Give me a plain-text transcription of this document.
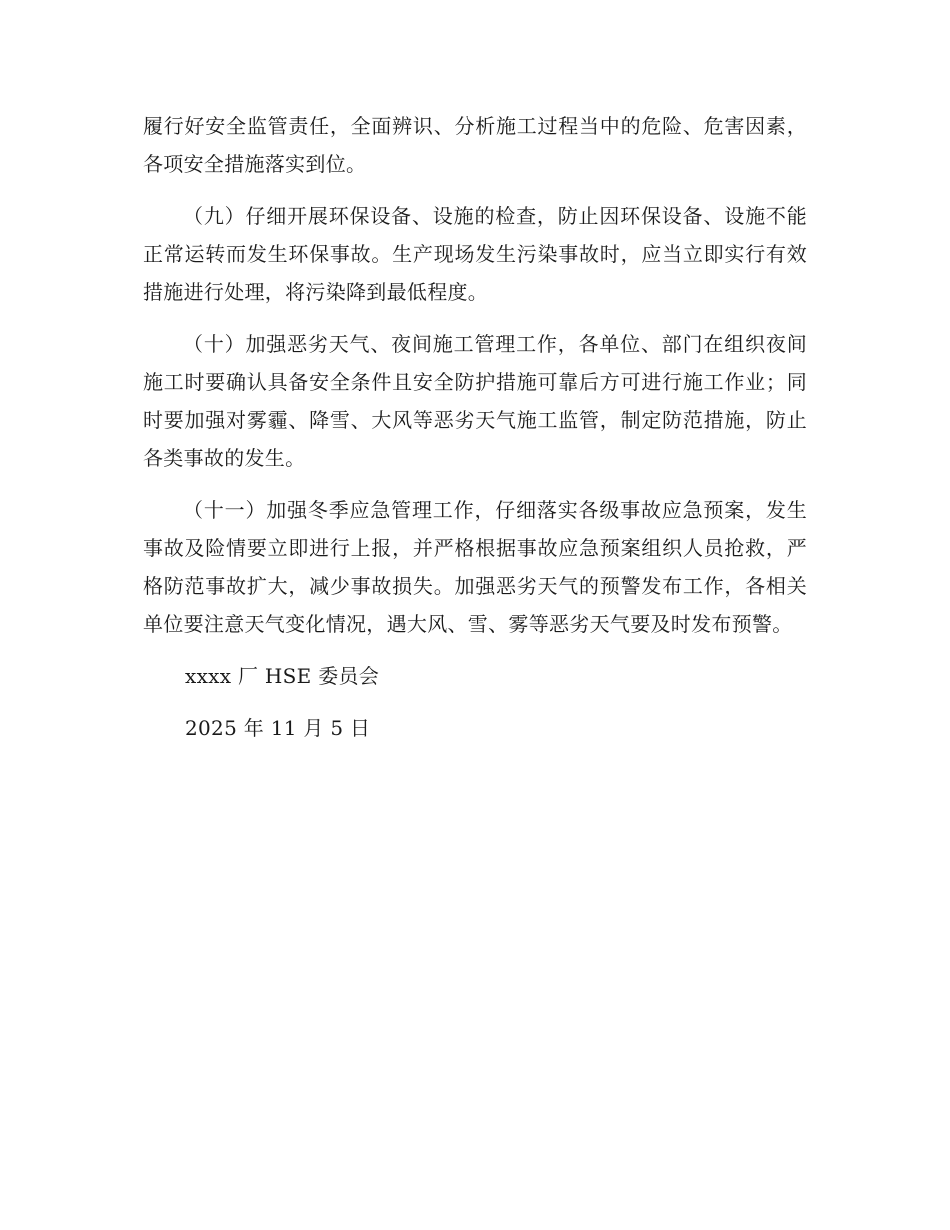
履行好安全监管责任，全面辨识、分析施工过程当中的危险、危害因素，各项安全措施落实到位。

（九）仔细开展环保设备、设施的检查，防止因环保设备、设施不能正常运转而发生环保事故。生产现场发生污染事故时，应当立即实行有效措施进行处理，将污染降到最低程度。

（十）加强恶劣天气、夜间施工管理工作，各单位、部门在组织夜间施工时要确认具备安全条件且安全防护措施可靠后方可进行施工作业；同时要加强对雾霾、降雪、大风等恶劣天气施工监管，制定防范措施，防止各类事故的发生。

（十一）加强冬季应急管理工作，仔细落实各级事故应急预案，发生事故及险情要立即进行上报，并严格根据事故应急预案组织人员抢救，严格防范事故扩大，减少事故损失。加强恶劣天气的预警发布工作，各相关单位要注意天气变化情况，遇大风、雪、雾等恶劣天气要及时发布预警。

xxxx 厂 HSE 委员会

2025 年 11 月 5 日
